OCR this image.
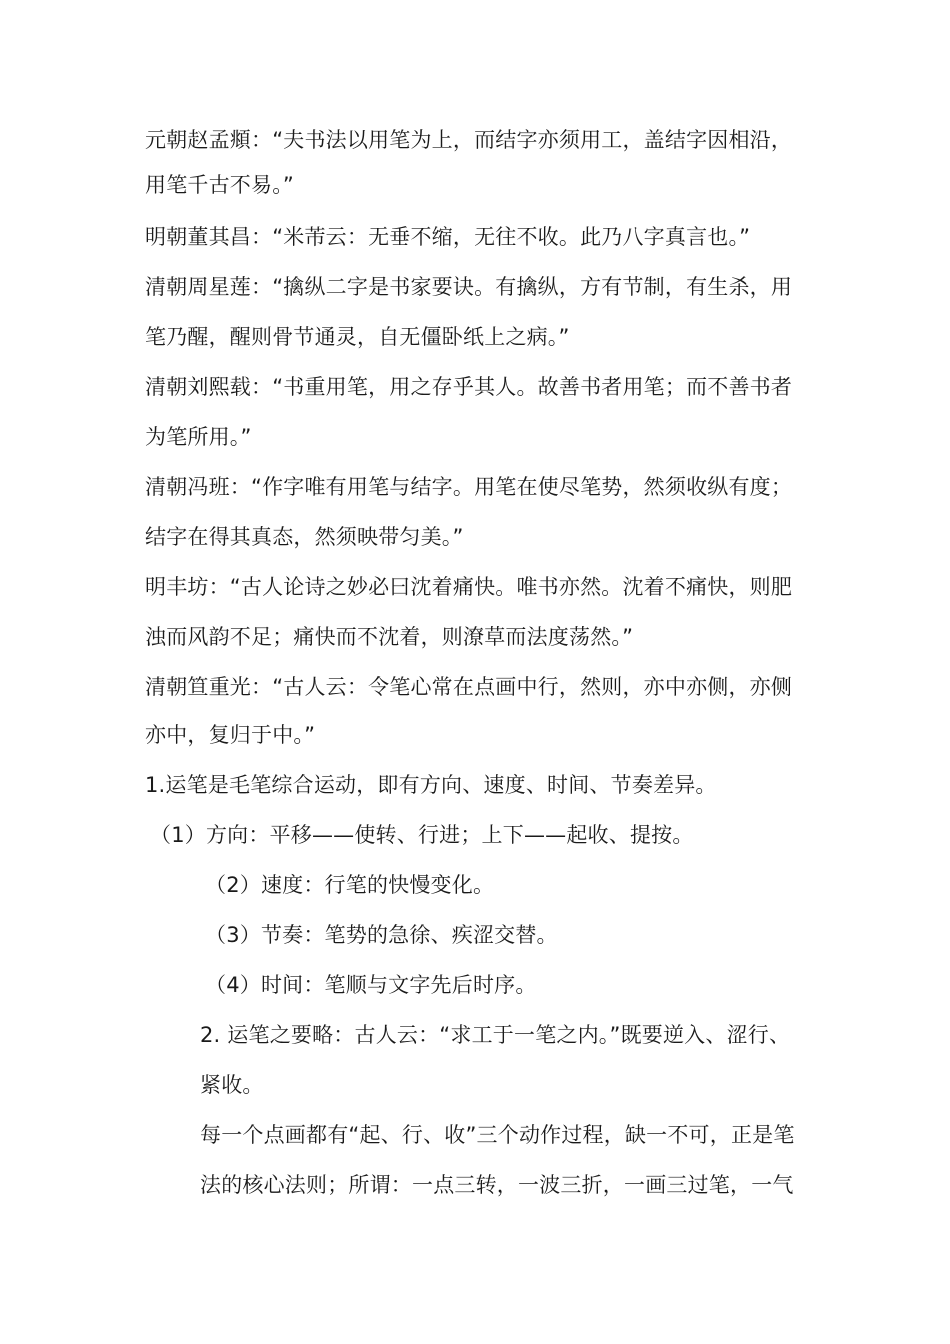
元朝赵孟頫：“夫书法以用笔为上，而结字亦须用工，盖结字因相沿，
用笔千古不易。”
明朝董其昌：“米芾云：无垂不缩，无往不收。此乃八字真言也。”
清朝周星莲：“擒纵二字是书家要诀。有擒纵，方有节制，有生杀，用
笔乃醒，醒则骨节通灵，自无僵卧纸上之病。”
清朝刘熙载：“书重用笔，用之存乎其人。故善书者用笔；而不善书者
为笔所用。”
清朝冯班：“作字唯有用笔与结字。用笔在使尽笔势，然须收纵有度；
结字在得其真态，然须映带匀美。”
明丰坊：“古人论诗之妙必曰沈着痛快。唯书亦然。沈着不痛快，则肥
浊而风韵不足；痛快而不沈着，则潦草而法度荡然。”
清朝笪重光：“古人云：令笔心常在点画中行，然则，亦中亦侧，亦侧
亦中，复归于中。”
1.运笔是毛笔综合运动，即有方向、速度、时间、节奏差异。
（1）方向：平移——使转、行进；上下——起收、提按。
（2）速度：行笔的快慢变化。
（3）节奏：笔势的急徐、疾涩交替。
（4）时间：笔顺与文字先后时序。
2. 运笔之要略：古人云：“求工于一笔之内。”既要逆入、涩行、
紧收。
每一个点画都有“起、行、收”三个动作过程，缺一不可，正是笔
法的核心法则；所谓：一点三转，一波三折，一画三过笔，一气
